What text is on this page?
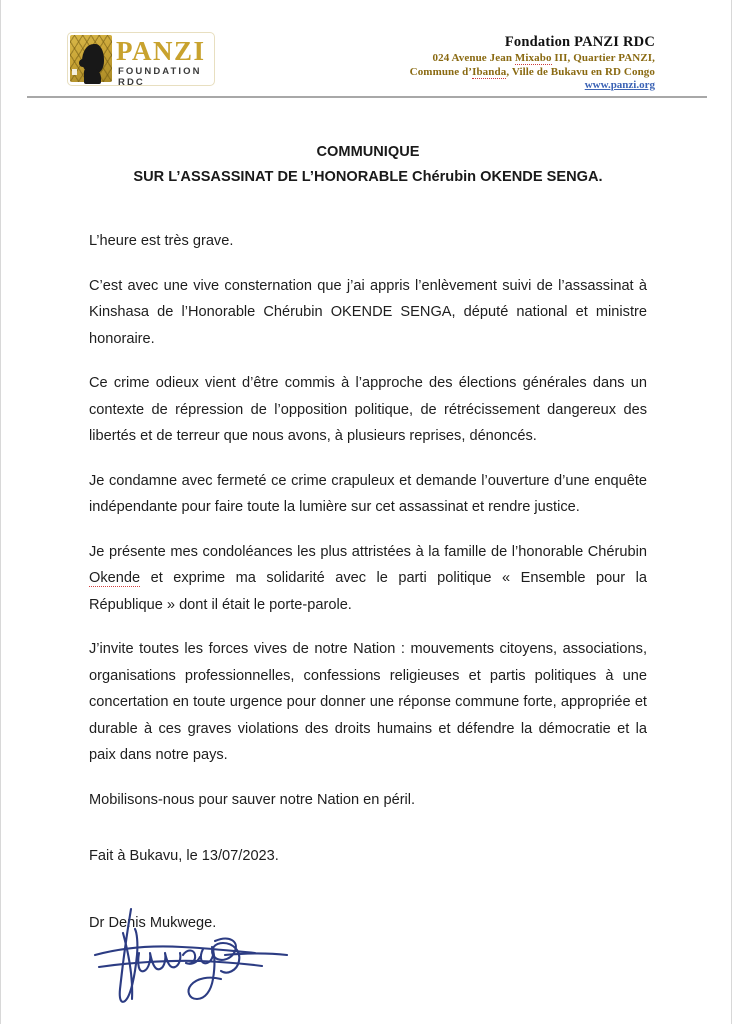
PANZI
FOUNDATION RDC
Fondation PANZI RDC
024 Avenue Jean Mixabo III, Quartier PANZI,
Commune d’Ibanda, Ville de Bukavu en RD Congo
www.panzi.org
COMMUNIQUE
SUR L’ASSASSINAT DE L’HONORABLE Chérubin OKENDE SENGA.

L’heure est très grave.

C’est avec une vive consternation que j’ai appris l’enlèvement suivi de l’assassinat à Kinshasa de l’Honorable Chérubin OKENDE SENGA, député national et ministre honoraire.

Ce crime odieux vient d’être commis à l’approche des élections générales dans un contexte de répression de l’opposition politique, de rétrécissement dangereux des libertés et de terreur que nous avons, à plusieurs reprises, dénoncés.

Je condamne avec fermeté ce crime crapuleux et demande l’ouverture d’une enquête indépendante pour faire toute la lumière sur cet assassinat et rendre justice.

Je présente mes condoléances les plus attristées à la famille de l’honorable Chérubin Okende et exprime ma solidarité avec le parti politique « Ensemble pour la République » dont il était le porte-parole.

J’invite toutes les forces vives de notre Nation : mouvements citoyens, associations, organisations professionnelles, confessions religieuses et partis politiques à une concertation en toute urgence pour donner une réponse commune forte, appropriée et durable à ces graves violations des droits humains et défendre la démocratie et la paix dans notre pays.

Mobilisons-nous pour sauver notre Nation en péril.

Fait à Bukavu, le 13/07/2023.
Dr Denis Mukwege.
